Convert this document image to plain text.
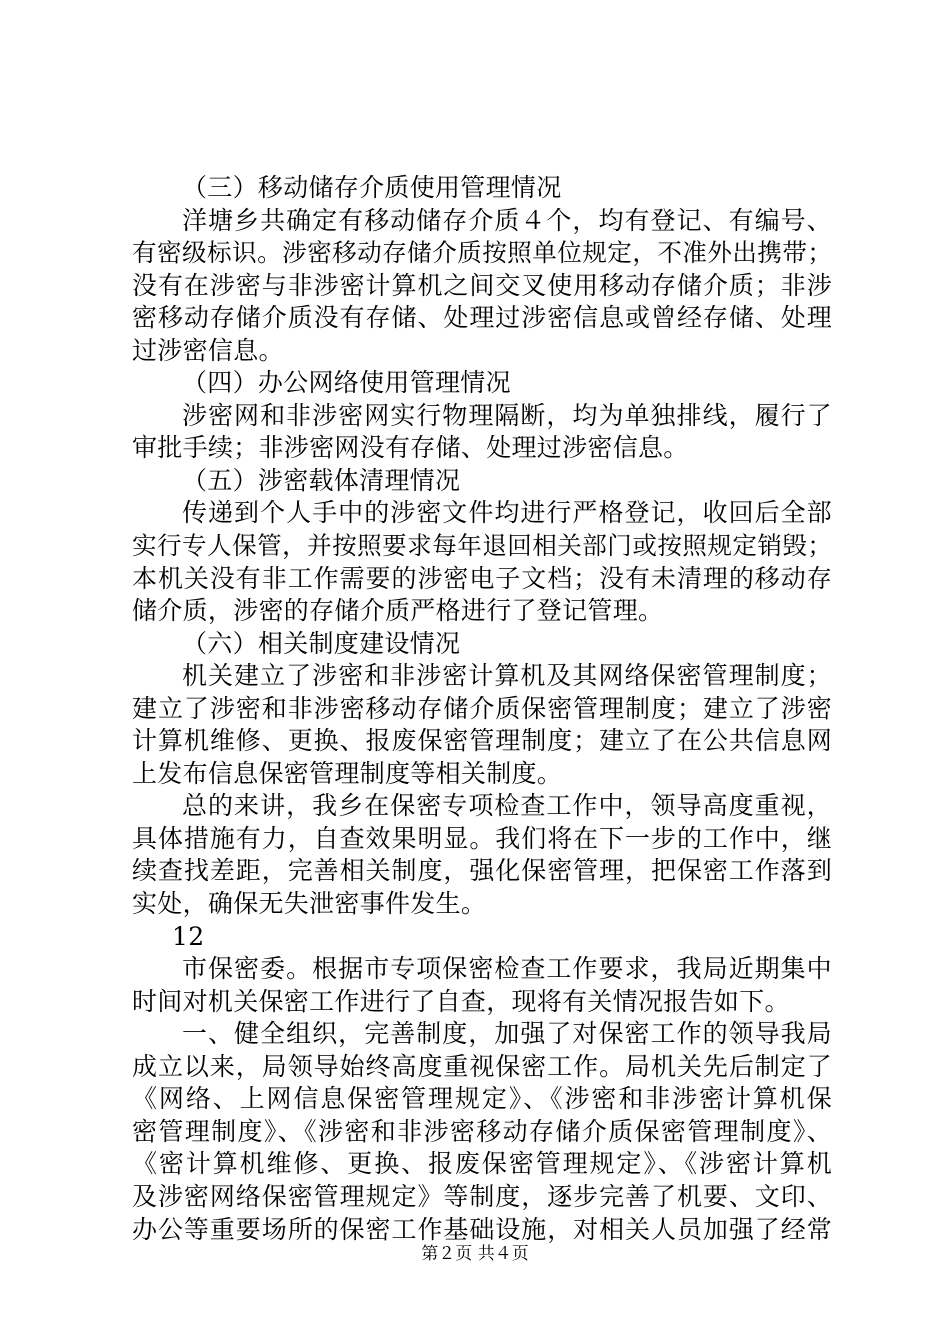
（三）移动储存介质使用管理情况
洋塘乡共确定有移动储存介质４个，均有登记、有编号、
有密级标识。涉密移动存储介质按照单位规定，不准外出携带；
没有在涉密与非涉密计算机之间交叉使用移动存储介质；非涉
密移动存储介质没有存储、处理过涉密信息或曾经存储、处理
过涉密信息。
（四）办公网络使用管理情况
涉密网和非涉密网实行物理隔断，均为单独排线，履行了
审批手续；非涉密网没有存储、处理过涉密信息。
（五）涉密载体清理情况
传递到个人手中的涉密文件均进行严格登记，收回后全部
实行专人保管，并按照要求每年退回相关部门或按照规定销毁；
本机关没有非工作需要的涉密电子文档；没有未清理的移动存
储介质，涉密的存储介质严格进行了登记管理。
（六）相关制度建设情况
机关建立了涉密和非涉密计算机及其网络保密管理制度；
建立了涉密和非涉密移动存储介质保密管理制度；建立了涉密
计算机维修、更换、报废保密管理制度；建立了在公共信息网
上发布信息保密管理制度等相关制度。
总的来讲，我乡在保密专项检查工作中，领导高度重视，
具体措施有力，自查效果明显。我们将在下一步的工作中，继
续查找差距，完善相关制度，强化保密管理，把保密工作落到
实处，确保无失泄密事件发生。
12
市保密委。根据市专项保密检查工作要求，我局近期集中
时间对机关保密工作进行了自查，现将有关情况报告如下。
一、健全组织，完善制度，加强了对保密工作的领导我局
成立以来，局领导始终高度重视保密工作。局机关先后制定了
《网络、上网信息保密管理规定》、《涉密和非涉密计算机保
密管理制度》、《涉密和非涉密移动存储介质保密管理制度》、
《密计算机维修、更换、报废保密管理规定》、《涉密计算机
及涉密网络保密管理规定》等制度，逐步完善了机要、文印、
办公等重要场所的保密工作基础设施，对相关人员加强了经常
第２页 共４页
